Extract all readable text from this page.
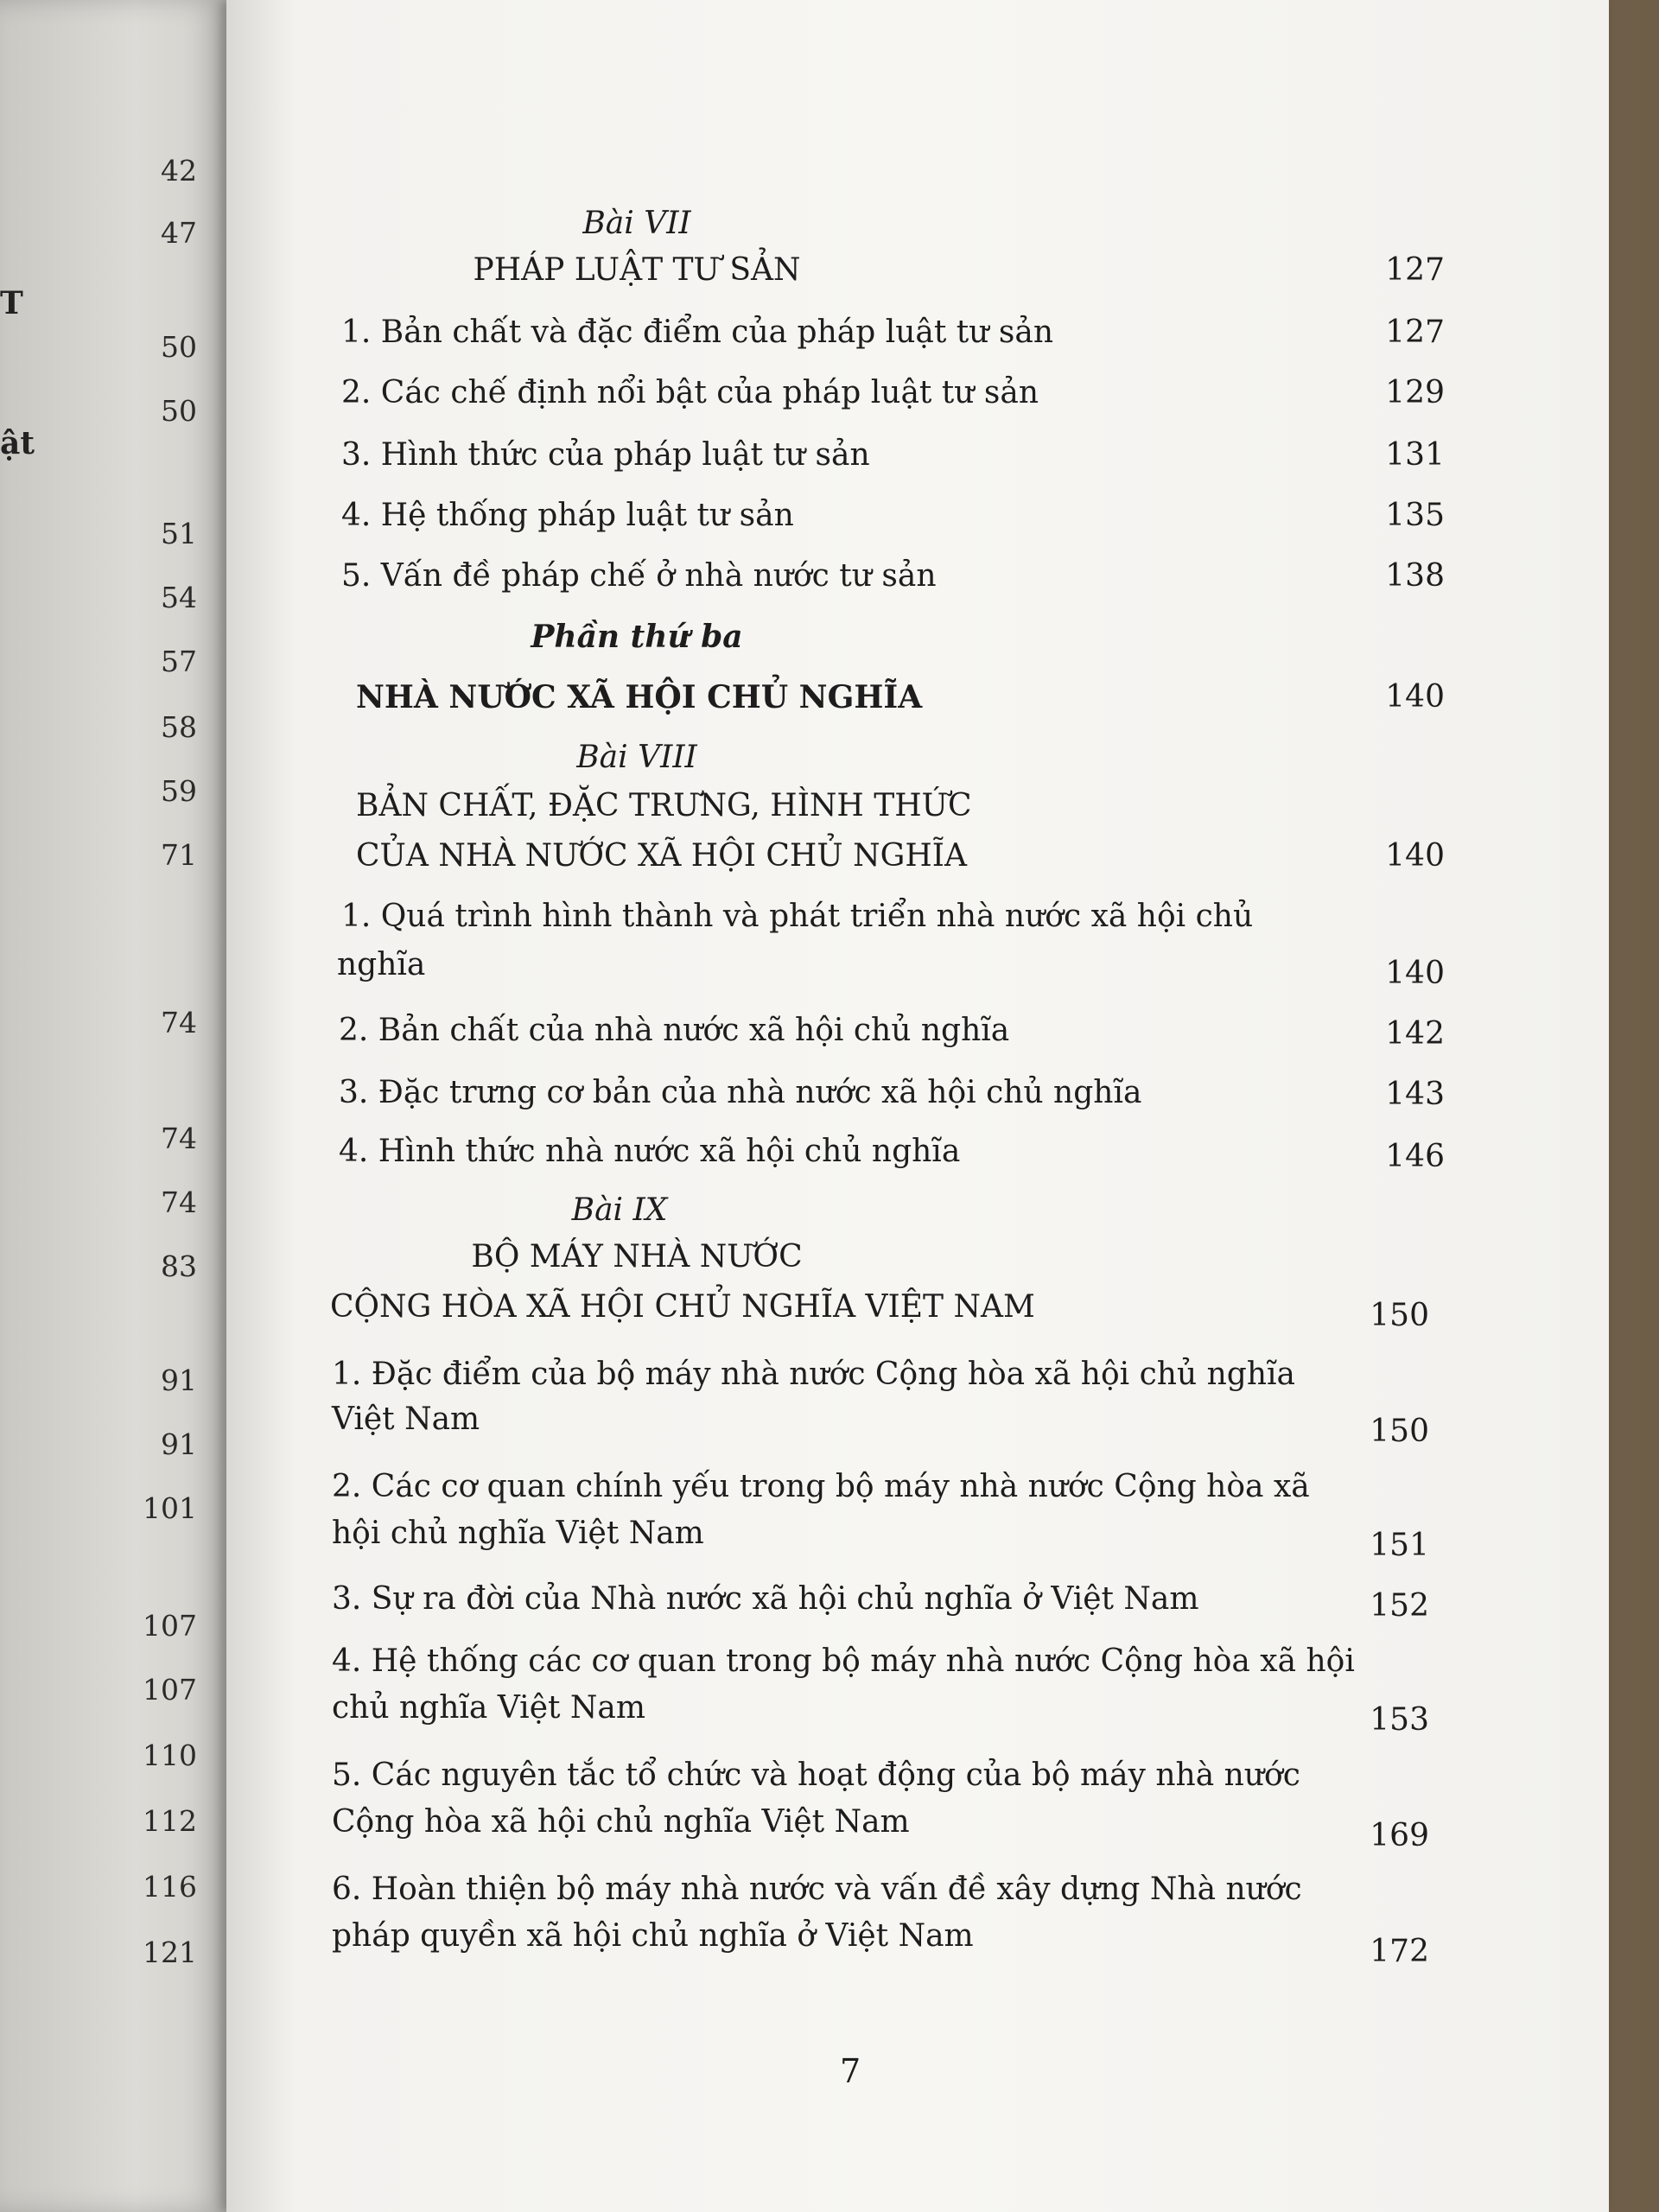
T
ật
42
47
50
50
51
54
57
58
59
71
74
74
74
83
91
91
101
107
107
110
112
116
121
Bài VII
PHÁP LUẬT TƯ SẢN	127
1. Bản chất và đặc điểm của pháp luật tư sản	127
2. Các chế định nổi bật của pháp luật tư sản	129
3. Hình thức của pháp luật tư sản	131
4. Hệ thống pháp luật tư sản	135
5. Vấn đề pháp chế ở nhà nước tư sản	138
Phần thứ ba
NHÀ NƯỚC XÃ HỘI CHỦ NGHĨA	140
Bài VIII
BẢN CHẤT, ĐẶC TRƯNG, HÌNH THỨC
CỦA NHÀ NƯỚC XÃ HỘI CHỦ NGHĨA	140
1. Quá trình hình thành và phát triển nhà nước xã hội chủ
nghĩa	140
2. Bản chất của nhà nước xã hội chủ nghĩa	142
3. Đặc trưng cơ bản của nhà nước xã hội chủ nghĩa	143
4. Hình thức nhà nước xã hội chủ nghĩa	146
Bài IX
BỘ MÁY NHÀ NƯỚC
CỘNG HÒA XÃ HỘI CHỦ NGHĨA VIỆT NAM	150
1. Đặc điểm của bộ máy nhà nước Cộng hòa xã hội chủ nghĩa
Việt Nam	150
2. Các cơ quan chính yếu trong bộ máy nhà nước Cộng hòa xã
hội chủ nghĩa Việt Nam	151
3. Sự ra đời của Nhà nước xã hội chủ nghĩa ở Việt Nam	152
4. Hệ thống các cơ quan trong bộ máy nhà nước Cộng hòa xã hội
chủ nghĩa Việt Nam	153
5. Các nguyên tắc tổ chức và hoạt động của bộ máy nhà nước
Cộng hòa xã hội chủ nghĩa Việt Nam	169
6. Hoàn thiện bộ máy nhà nước và vấn đề xây dựng Nhà nước
pháp quyền xã hội chủ nghĩa ở Việt Nam	172
7
